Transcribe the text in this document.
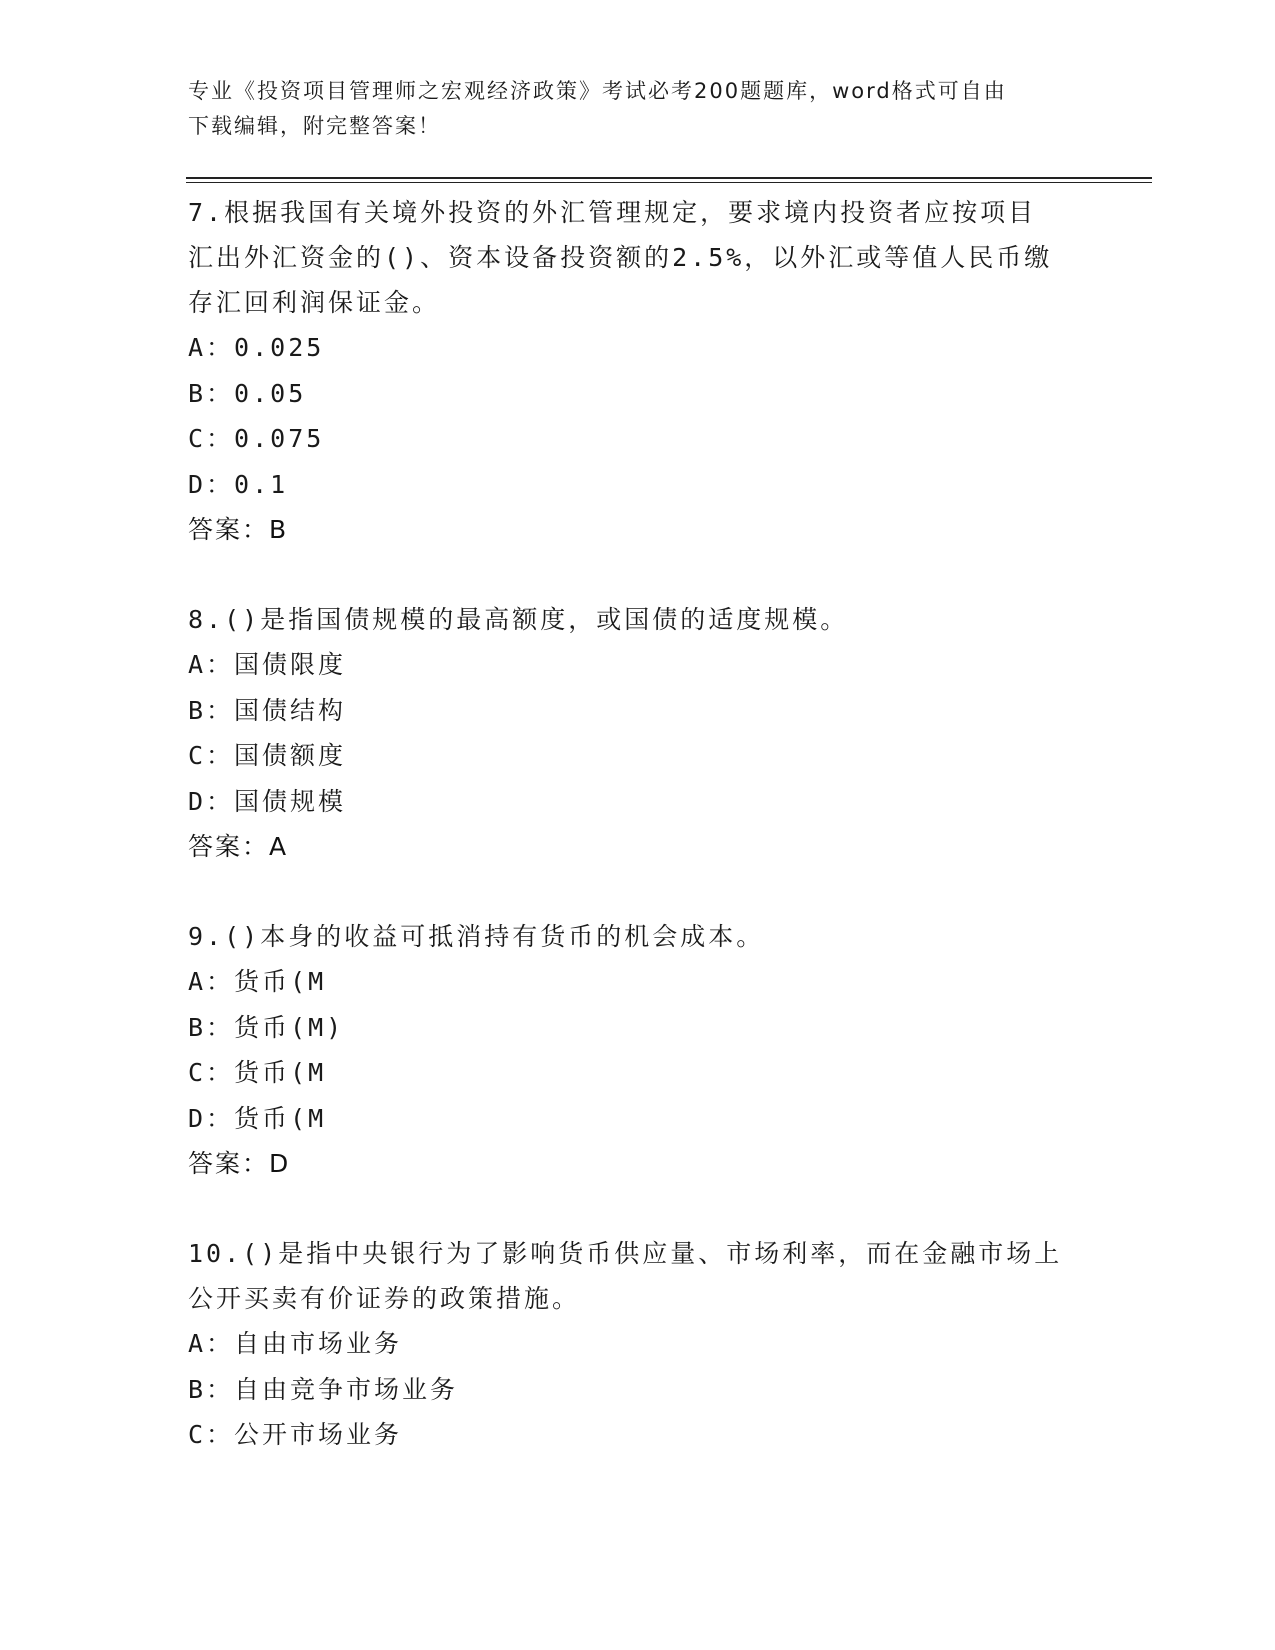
专业《投资项目管理师之宏观经济政策》考试必考200题题库，word格式可自由
下载编辑，附完整答案！

7.根据我国有关境外投资的外汇管理规定，要求境内投资者应按项目

汇出外汇资金的()、资本设备投资额的2.5%，以外汇或等值人民币缴

存汇回利润保证金。

A：0.025

B：0.05

C：0.075

D：0.1

答案：B

8.()是指国债规模的最高额度，或国债的适度规模。

A：国债限度

B：国债结构

C：国债额度

D：国债规模

答案：A

9.()本身的收益可抵消持有货币的机会成本。

A：货币(M

B：货币(M)

C：货币(M

D：货币(M

答案：D

10.()是指中央银行为了影响货币供应量、市场利率，而在金融市场上

公开买卖有价证券的政策措施。

A：自由市场业务

B：自由竞争市场业务

C：公开市场业务
